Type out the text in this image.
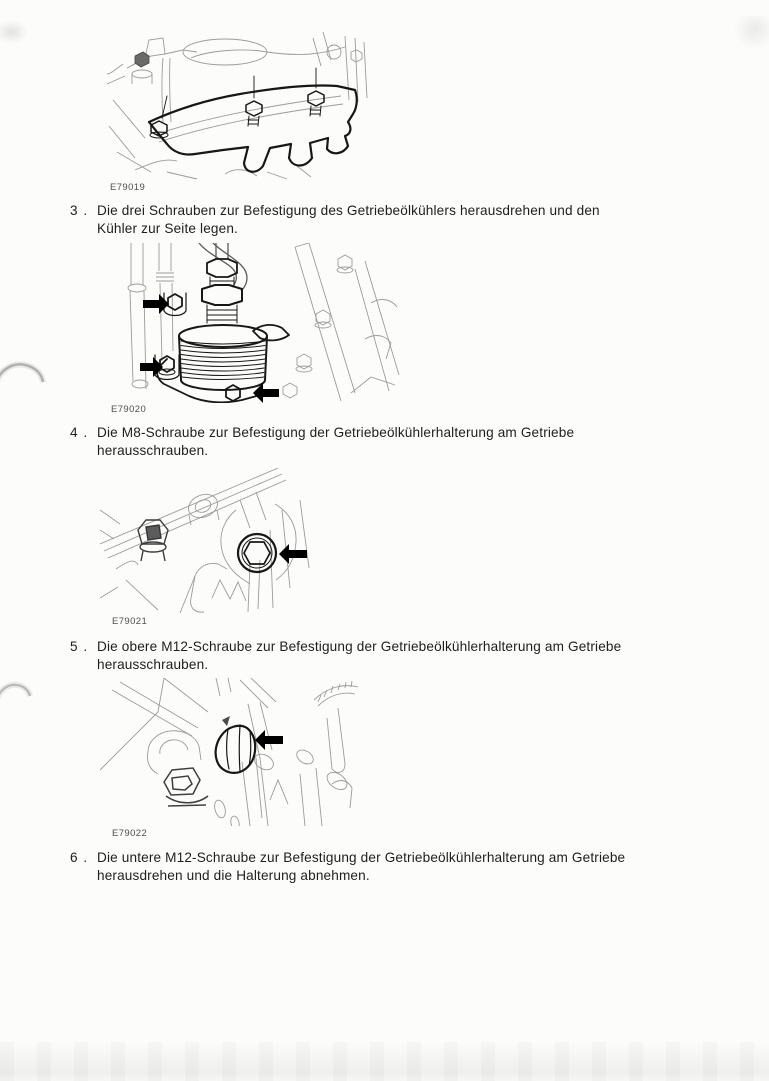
E79019
3 . Die drei Schrauben zur Befestigung des Getriebeölkühlers herausdrehen und den
Kühler zur Seite legen.
E79020
4 . Die M8-Schraube zur Befestigung der Getriebeölkühlerhalterung am Getriebe
herausschrauben.
E79021
5 . Die obere M12-Schraube zur Befestigung der Getriebeölkühlerhalterung am Getriebe
herausschrauben.
E79022
6 . Die untere M12-Schraube zur Befestigung der Getriebeölkühlerhalterung am Getriebe
herausdrehen und die Halterung abnehmen.
